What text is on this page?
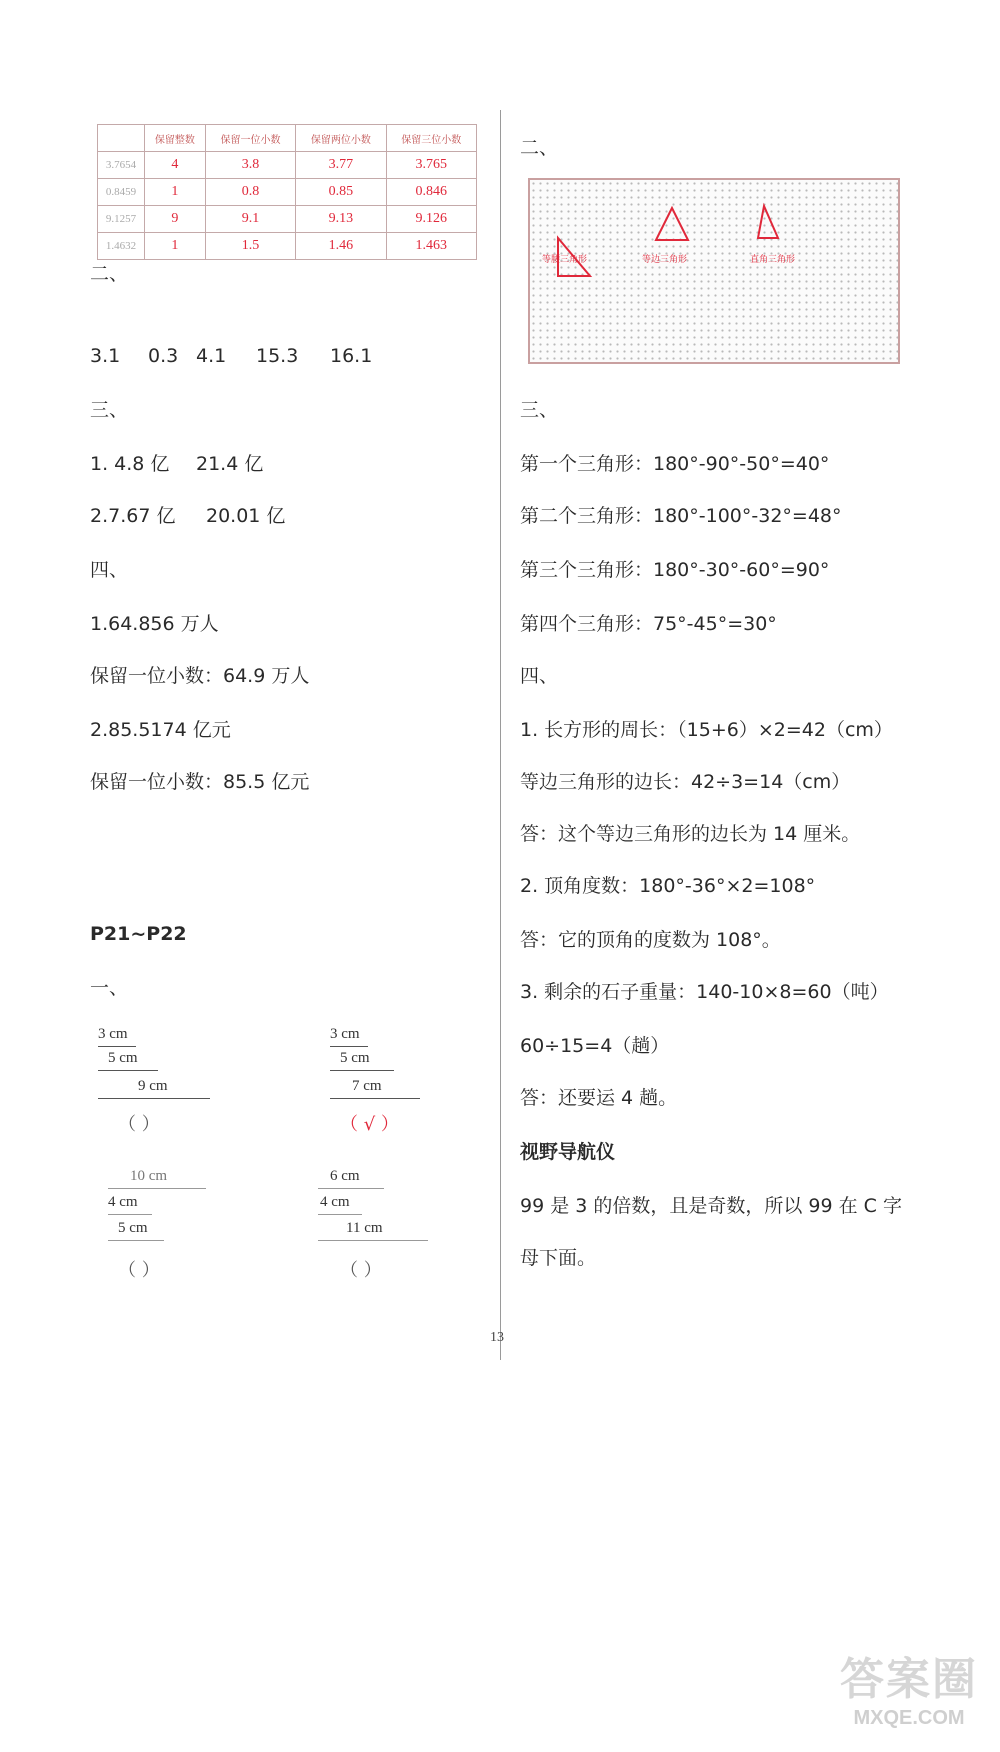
	保留整数	保留一位小数	保留两位小数	保留三位小数
3.7654	4	3.8	3.77	3.765
0.8459	1	0.8	0.85	0.846
9.1257	9	9.1	9.13	9.126
1.4632	1	1.5	1.46	1.463
二、
3.1 0.3 4.1 15.3 16.1
三、
1. 4.8 亿 21.4 亿
2.7.67 亿 20.01 亿
四、
1.64.856 万人
保留一位小数：64.9 万人
2.85.5174 亿元
保留一位小数：85.5 亿元
P21~P22
一、
3 cm
5 cm
9 cm
（ ）
3 cm
5 cm
7 cm
（ √ ）
10 cm
4 cm
5 cm
（ ）
6 cm
4 cm
11 cm
（ ）
二、
等腰三角形	等边三角形	直角三角形
三、
第一个三角形：180°-90°-50°=40°
第二个三角形：180°-100°-32°=48°
第三个三角形：180°-30°-60°=90°
第四个三角形：75°-45°=30°
四、
1. 长方形的周长：（15+6）×2=42（cm）
等边三角形的边长：42÷3=14（cm）
答：这个等边三角形的边长为 14 厘米。
2. 顶角度数：180°-36°×2=108°
答：它的顶角的度数为 108°。
3. 剩余的石子重量：140-10×8=60（吨）
60÷15=4（趟）
答：还要运 4 趟。
视野导航仪
99 是 3 的倍数，且是奇数，所以 99 在 C 字
母下面。
13
答案圈
MXQE.COM
